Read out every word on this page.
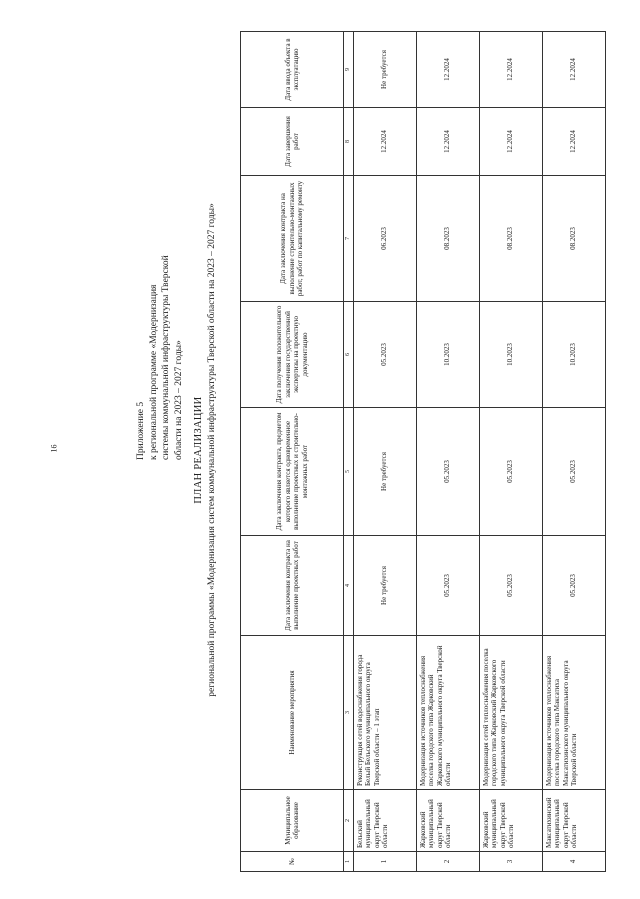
16	Приложение 5 к региональной программе «Модернизация системы коммунальной инфраструктуры Тверской области на 2023 – 2027 годы» ПЛАН РЕАЛИЗАЦИИ региональной программы «Модернизация систем коммунальной инфраструктуры Тверской области на 2023 – 2027 годы»
№	Муниципальное образование	Наименование мероприятия	Дата заключения контракта на выполнение проектных работ	Дата заключения контракта, предметом которого является одновременное выполнение проектных и строительно-монтажных работ	Дата получения положительного заключения государственной экспертизы на проектную документацию	Дата заключения контракта на выполнение строительно-монтажных работ, работ по капитальному ремонту	Дата завершения работ	Дата ввода объекта в эксплуатацию
1	2	3	4	5	6	7	8	9
1	Бельский муниципальный округ Тверской области	Реконструкция сетей водоснабжения города Белый Бельского муниципального округа Тверской области – 1 этап	Не требуется	Не требуется	05.2023	06.2023	12.2024	Не требуется
2	Жарковский муниципальный округ Тверской области	Модернизация источников теплоснабжения поселка городского типа Жарковский Жарковского муниципального округа Тверской области	05.2023	05.2023	10.2023	08.2023	12.2024	12.2024
3	Жарковский муниципальный округ Тверской области	Модернизация сетей теплоснабжения поселка городского типа Жарковский Жарковского муниципального округа Тверской области	05.2023	05.2023	10.2023	08.2023	12.2024	12.2024
4	Максатихинский муниципальный округ Тверской области	Модернизация источников теплоснабжения поселка городского типа Максатиха Максатихинского муниципального округа Тверской области	05.2023	05.2023	10.2023	08.2023	12.2024	12.2024
